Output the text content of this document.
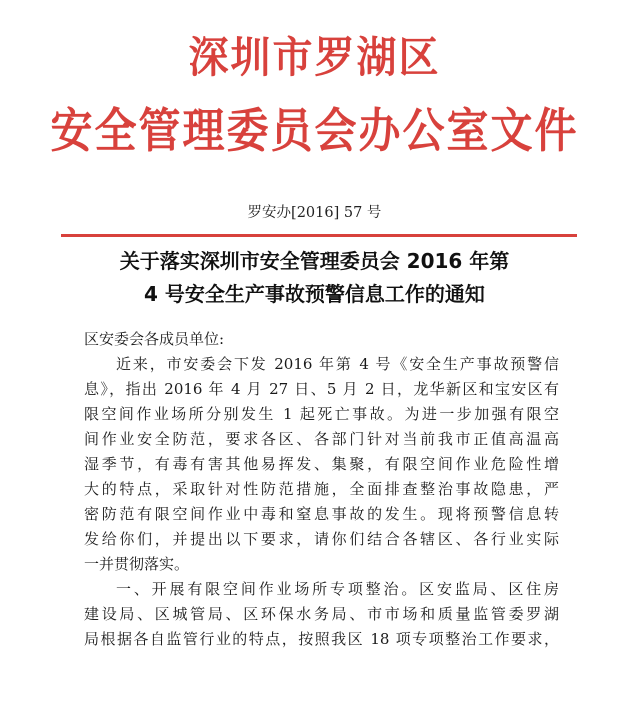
深圳市罗湖区
安全管理委员会办公室文件
罗安办[2016] 57 号
关于落实深圳市安全管理委员会 2016 年第
4 号安全生产事故预警信息工作的通知
区安委会各成员单位:
近来，市安委会下发 2016 年第 4 号《安全生产事故预警信
息》，指出 2016 年 4 月 27 日、5 月 2 日，龙华新区和宝安区有
限空间作业场所分别发生 1 起死亡事故。为进一步加强有限空
间作业安全防范，要求各区、各部门针对当前我市正值高温高
湿季节，有毒有害其他易挥发、集聚，有限空间作业危险性增
大的特点，采取针对性防范措施，全面排查整治事故隐患，严
密防范有限空间作业中毒和窒息事故的发生。现将预警信息转
发给你们，并提出以下要求，请你们结合各辖区、各行业实际
一并贯彻落实。
一、开展有限空间作业场所专项整治。区安监局、区住房
建设局、区城管局、区环保水务局、市市场和质量监管委罗湖
局根据各自监管行业的特点，按照我区 18 项专项整治工作要求，
